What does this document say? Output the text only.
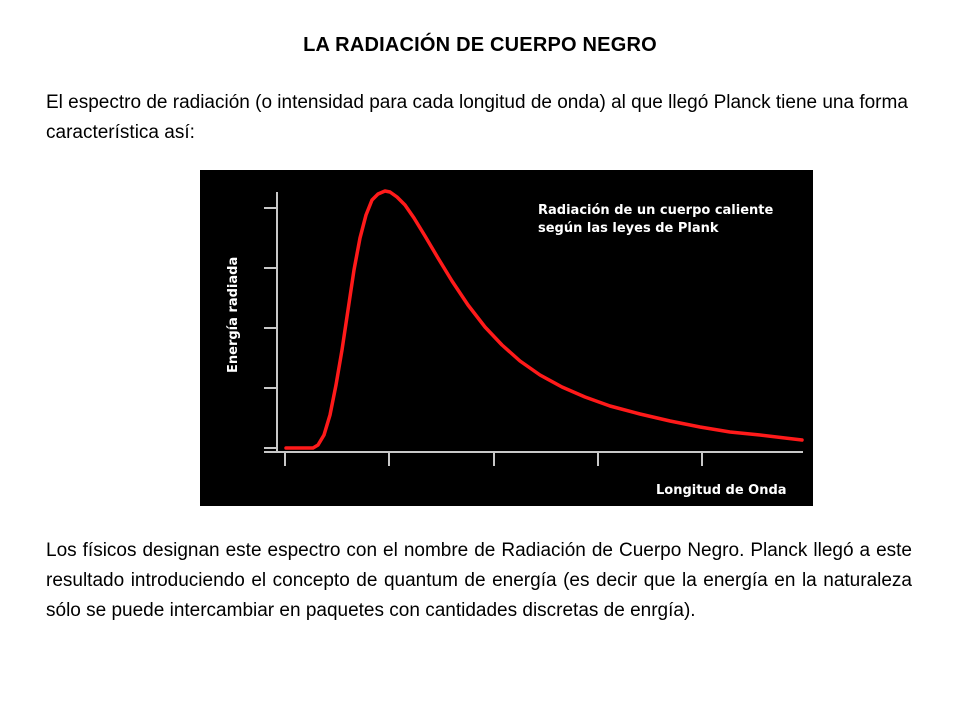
LA RADIACIÓN DE CUERPO NEGRO
El espectro de radiación (o intensidad para cada longitud de onda) al que llegó Planck tiene una forma característica así:
Radiación de un cuerpo caliente
según las leyes de Plank
Energía radiada
Longitud de Onda
Los físicos designan este espectro con el nombre de Radiación de Cuerpo Negro. Planck llegó a este resultado introduciendo el concepto de quantum de energía (es decir que la energía en la naturaleza sólo se puede intercambiar en paquetes con cantidades discretas de enrgía).
